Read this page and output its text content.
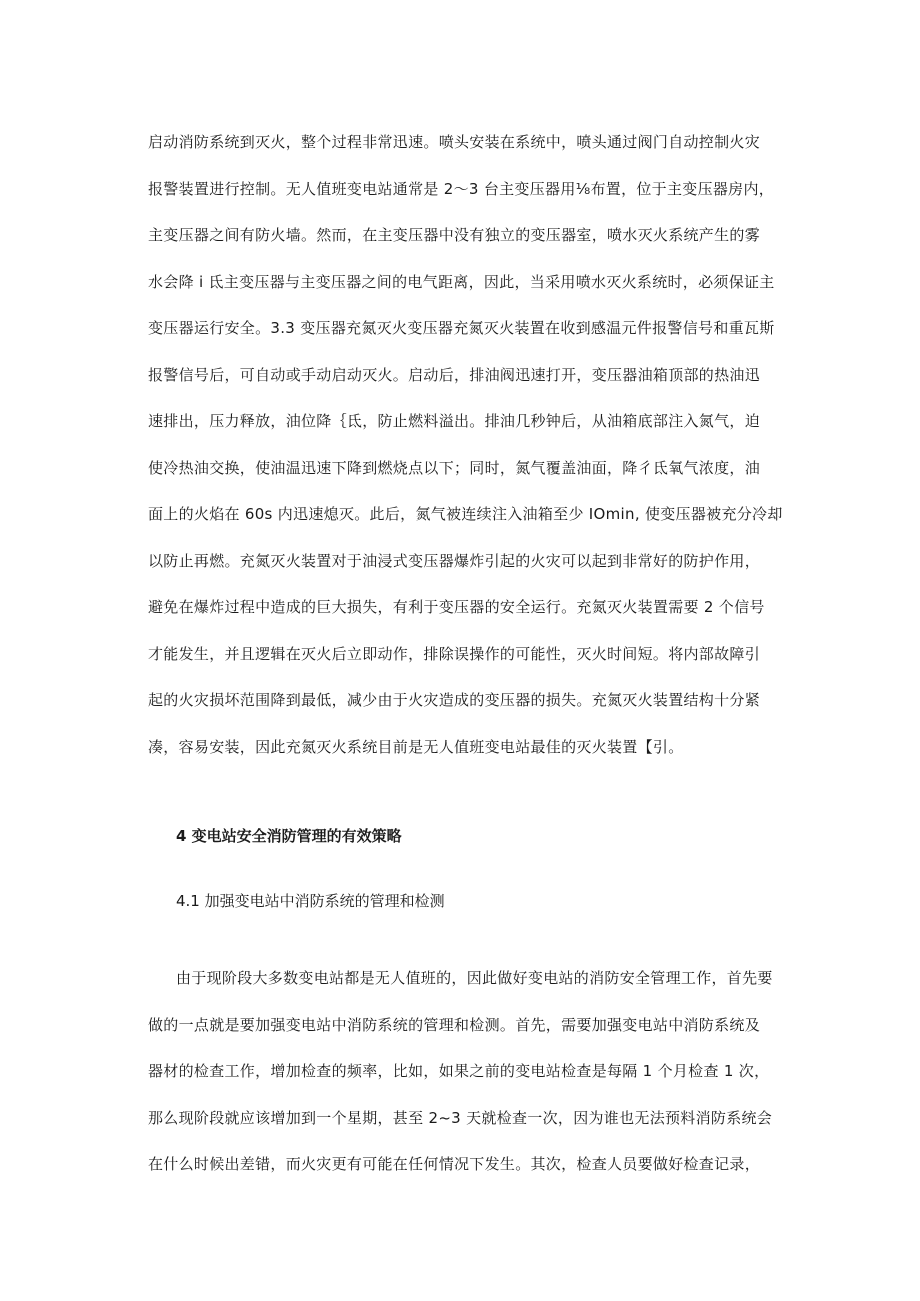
启动消防系统到灭火，整个过程非常迅速。喷头安装在系统中，喷头通过阀门自动控制火灾
报警装置进行控制。无人值班变电站通常是 2～3 台主变压器用⅛布置，位于主变压器房内，
主变压器之间有防火墙。然而，在主变压器中没有独立的变压器室，喷水灭火系统产生的雾
水会降 i 氐主变压器与主变压器之间的电气距离，因此，当采用喷水灭火系统时，必须保证主
变压器运行安全。3.3 变压器充氮灭火变压器充氮灭火装置在收到感温元件报警信号和重瓦斯
报警信号后，可自动或手动启动灭火。启动后，排油阀迅速打开，变压器油箱顶部的热油迅
速排出，压力释放，油位降｛氐，防止燃料溢出。排油几秒钟后，从油箱底部注入氮气，迫
使冷热油交换，使油温迅速下降到燃烧点以下；同时，氮气覆盖油面，降彳氐氧气浓度，油
面上的火焰在 60s 内迅速熄灭。此后，氮气被连续注入油箱至少 IOmin, 使变压器被充分冷却
以防止再燃。充氮灭火装置对于油浸式变压器爆炸引起的火灾可以起到非常好的防护作用，
避免在爆炸过程中造成的巨大损失，有利于变压器的安全运行。充氮灭火装置需要 2 个信号
才能发生，并且逻辑在灭火后立即动作，排除误操作的可能性，灭火时间短。将内部故障引
起的火灾损坏范围降到最低，减少由于火灾造成的变压器的损失。充氮灭火装置结构十分紧
凑，容易安装，因此充氮灭火系统目前是无人值班变电站最佳的灭火装置【引。
4 变电站安全消防管理的有效策略
4.1 加强变电站中消防系统的管理和检测
由于现阶段大多数变电站都是无人值班的，因此做好变电站的消防安全管理工作，首先要
做的一点就是要加强变电站中消防系统的管理和检测。首先，需要加强变电站中消防系统及
器材的检查工作，增加检查的频率，比如，如果之前的变电站检查是每隔 1 个月检查 1 次，
那么现阶段就应该增加到一个星期，甚至 2~3 天就检查一次，因为谁也无法预料消防系统会
在什么时候出差错，而火灾更有可能在任何情况下发生。其次，检查人员要做好检查记录，
